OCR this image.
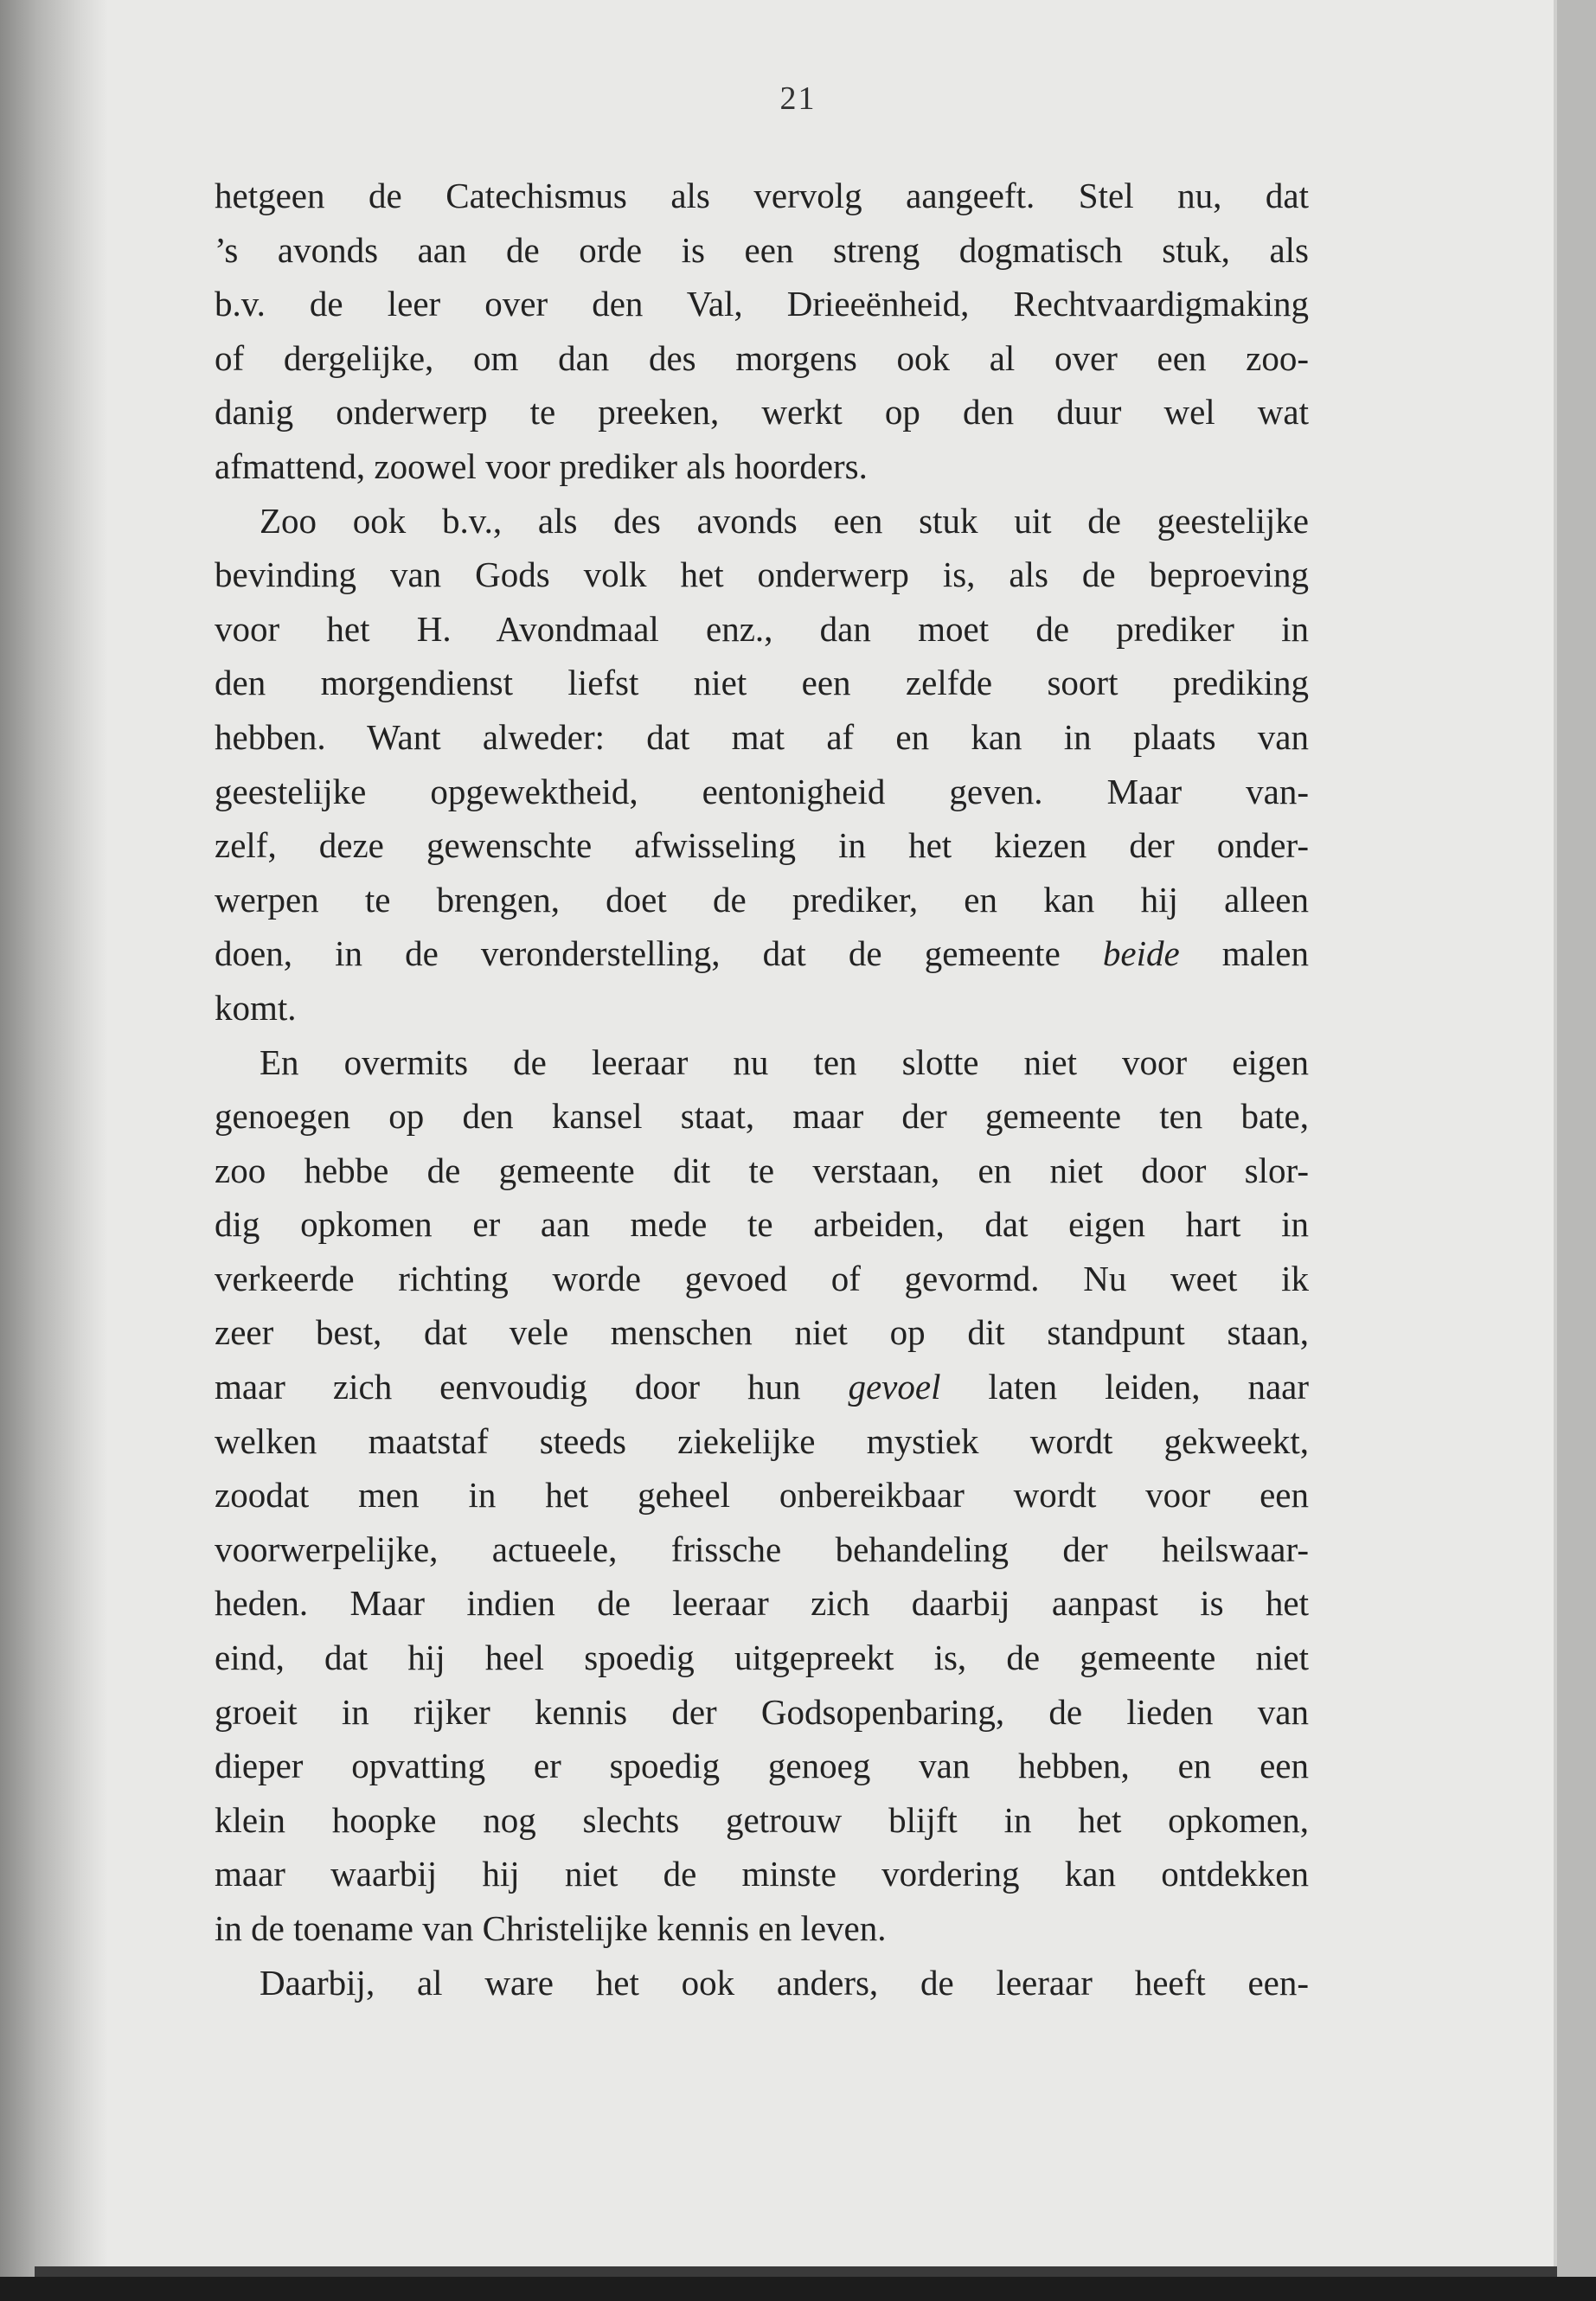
21
hetgeen de Catechismus als vervolg aangeeft. Stel nu, dat
’s avonds aan de orde is een streng dogmatisch stuk, als
b.v. de leer over den Val, Drieeënheid, Rechtvaardigmaking
of dergelijke, om dan des morgens ook al over een zoo-
danig onderwerp te preeken, werkt op den duur wel wat
afmattend, zoowel voor prediker als hoorders.
Zoo ook b.v., als des avonds een stuk uit de geestelijke
bevinding van Gods volk het onderwerp is, als de beproeving
voor het H. Avondmaal enz., dan moet de prediker in
den morgendienst liefst niet een zelfde soort prediking
hebben. Want alweder: dat mat af en kan in plaats van
geestelijke opgewektheid, eentonigheid geven. Maar van-
zelf, deze gewenschte afwisseling in het kiezen der onder-
werpen te brengen, doet de prediker, en kan hij alleen
doen, in de veronderstelling, dat de gemeente beide malen
komt.
En overmits de leeraar nu ten slotte niet voor eigen
genoegen op den kansel staat, maar der gemeente ten bate,
zoo hebbe de gemeente dit te verstaan, en niet door slor-
dig opkomen er aan mede te arbeiden, dat eigen hart in
verkeerde richting worde gevoed of gevormd. Nu weet ik
zeer best, dat vele menschen niet op dit standpunt staan,
maar zich eenvoudig door hun gevoel laten leiden, naar
welken maatstaf steeds ziekelijke mystiek wordt gekweekt,
zoodat men in het geheel onbereikbaar wordt voor een
voorwerpelijke, actueele, frissche behandeling der heilswaar-
heden. Maar indien de leeraar zich daarbij aanpast is het
eind, dat hij heel spoedig uitgepreekt is, de gemeente niet
groeit in rijker kennis der Godsopenbaring, de lieden van
dieper opvatting er spoedig genoeg van hebben, en een
klein hoopke nog slechts getrouw blijft in het opkomen,
maar waarbij hij niet de minste vordering kan ontdekken
in de toename van Christelijke kennis en leven.
Daarbij, al ware het ook anders, de leeraar heeft een-
